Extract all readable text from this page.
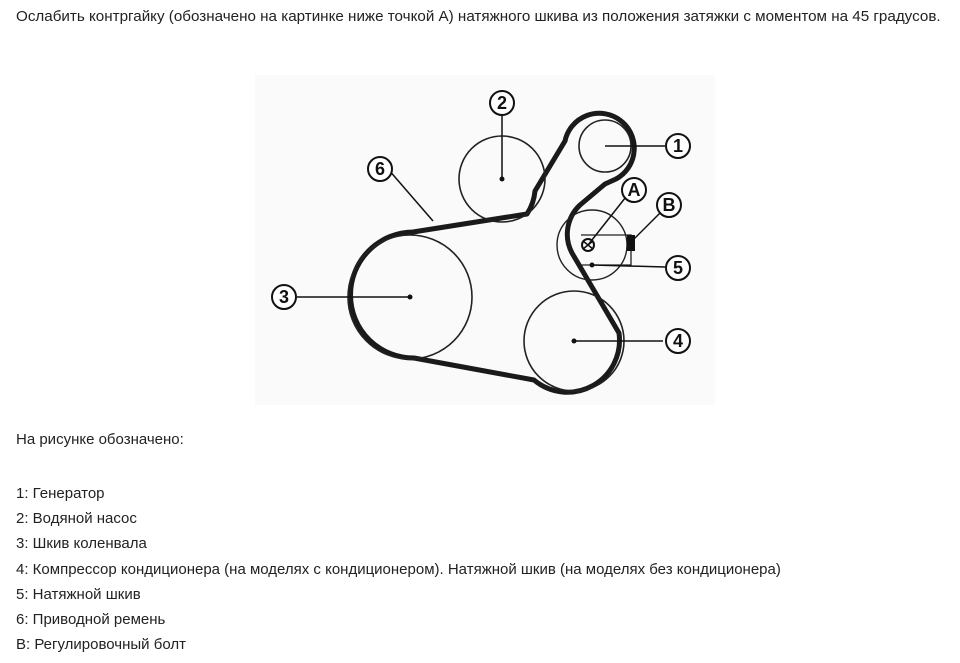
Ослабить контргайку (обозначено на картинке ниже точкой А) натяжного шкива из положения затяжки с моментом на 45 градусов.

2
1
6
3
4
5
A
B

На рисунке обозначено:

1: Генератор
2: Водяной насос
3: Шкив коленвала
4: Компрессор кондиционера (на моделях с кондиционером). Натяжной шкив (на моделях без кондиционера)
5: Натяжной шкив
6: Приводной ремень
B: Регулировочный болт
